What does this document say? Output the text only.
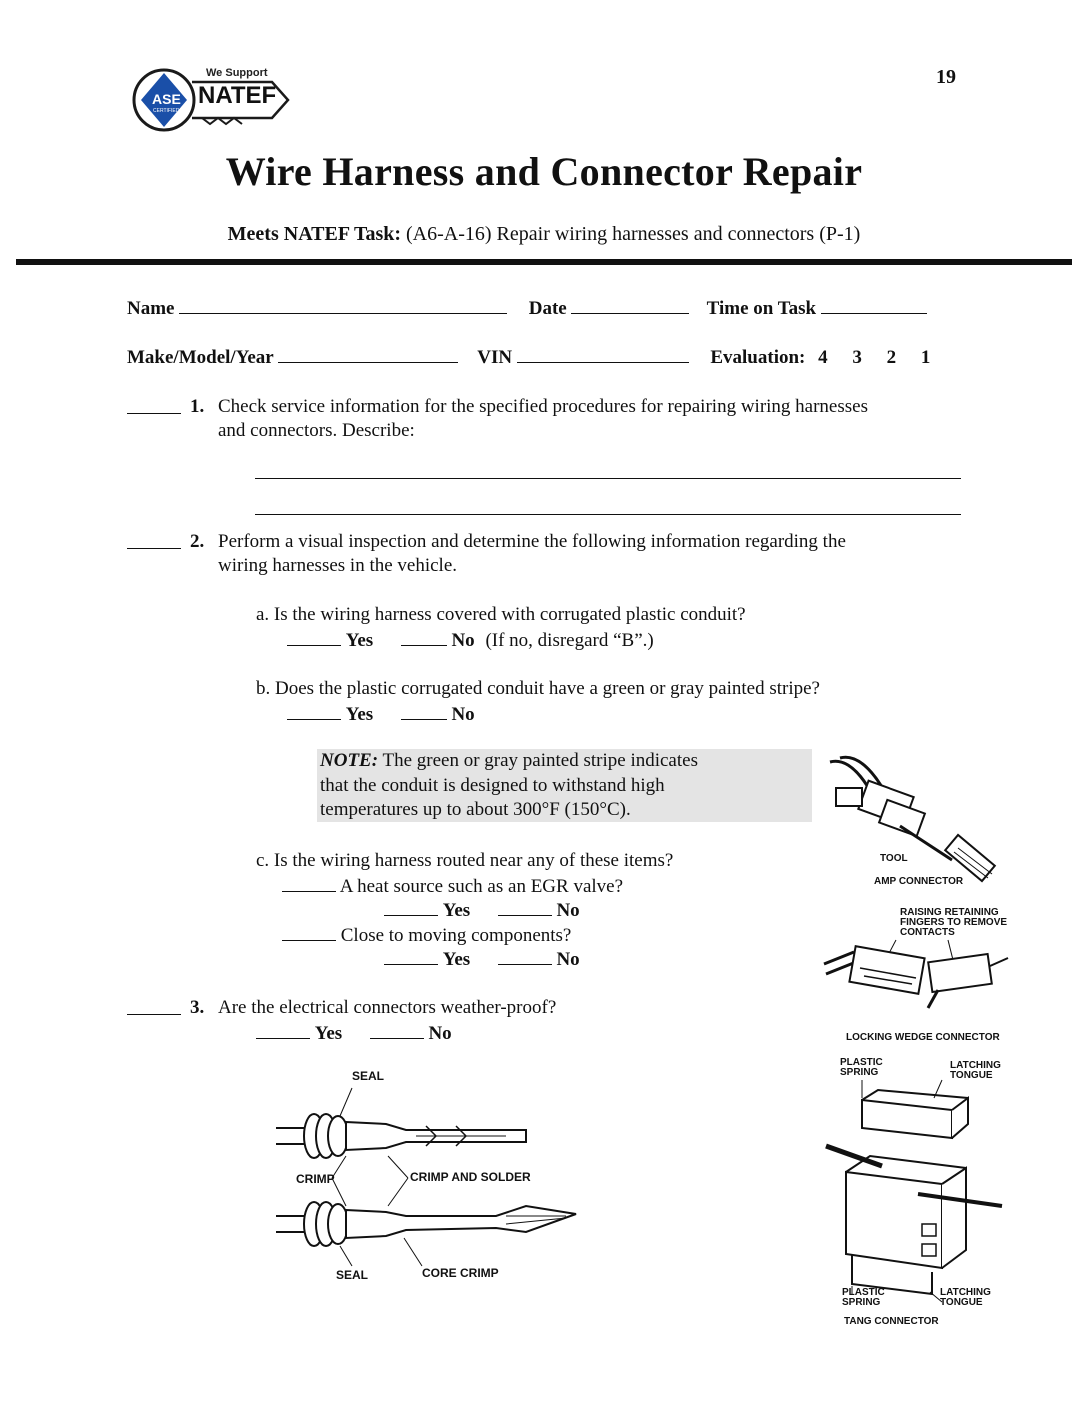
19
We Support
NATEF
ASE
CERTIFIED
Wire Harness and Connector Repair
Meets NATEF Task: (A6-A-16) Repair wiring harnesses and connectors (P-1)
Name	Date	Time on Task
Make/Model/Year	VIN	Evaluation: 4 3 2 1
1. Check service information for the specified procedures for repairing wiring harnesses
and connectors. Describe:
2. Perform a visual inspection and determine the following information regarding the
wiring harnesses in the vehicle.
a. Is the wiring harness covered with corrugated plastic conduit?
Yes	No (If no, disregard “B”.)
b. Does the plastic corrugated conduit have a green or gray painted stripe?
Yes	No
NOTE: The green or gray painted stripe indicates
that the conduit is designed to withstand high
temperatures up to about 300°F (150°C).
c. Is the wiring harness routed near any of these items?
A heat source such as an EGR valve?
Yes	No
Close to moving components?
Yes	No
3. Are the electrical connectors weather-proof?
Yes	No
TOOL
AMP CONNECTOR
RAISING RETAINING
FINGERS TO REMOVE
CONTACTS
LOCKING WEDGE CONNECTOR
PLASTIC
SPRING
LATCHING
TONGUE
PLASTIC
SPRING
LATCHING
TONGUE
TANG CONNECTOR
SEAL
CRIMP	CRIMP AND SOLDER
SEAL	CORE CRIMP
